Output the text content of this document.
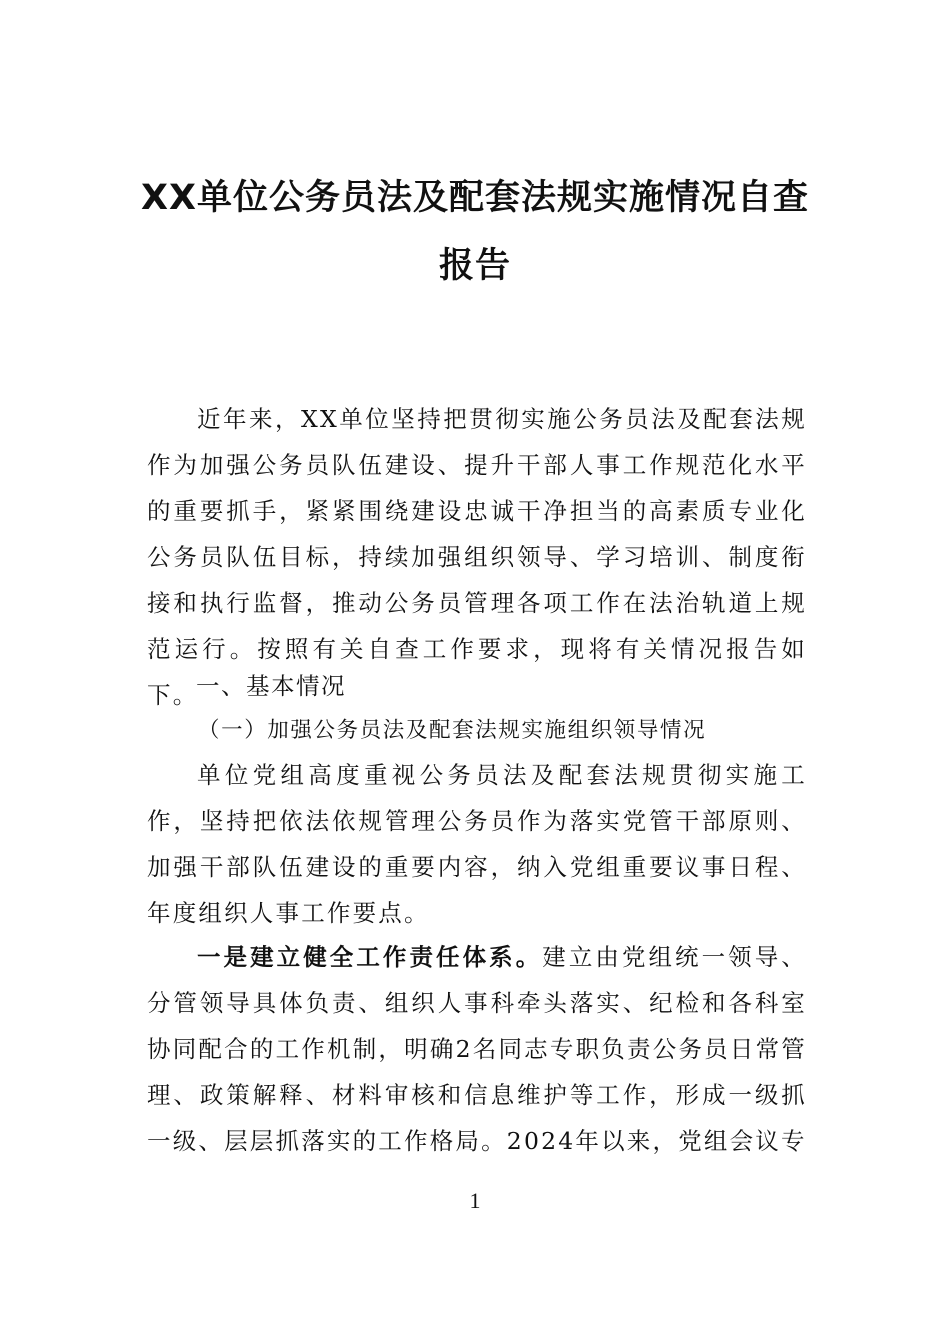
XX单位公务员法及配套法规实施情况自查
报告

近年来，XX单位坚持把贯彻实施公务员法及配套法规作为加强公务员队伍建设、提升干部人事工作规范化水平的重要抓手，紧紧围绕建设忠诚干净担当的高素质专业化公务员队伍目标，持续加强组织领导、学习培训、制度衔接和执行监督，推动公务员管理各项工作在法治轨道上规范运行。按照有关自查工作要求，现将有关情况报告如下。

一、基本情况

（一）加强公务员法及配套法规实施组织领导情况

单位党组高度重视公务员法及配套法规贯彻实施工作，坚持把依法依规管理公务员作为落实党管干部原则、加强干部队伍建设的重要内容，纳入党组重要议事日程、年度组织人事工作要点。

一是建立健全工作责任体系。建立由党组统一领导、分管领导具体负责、组织人事科牵头落实、纪检和各科室协同配合的工作机制，明确2名同志专职负责公务员日常管理、政策解释、材料审核和信息维护等工作，形成一级抓一级、层层抓落实的工作格局。2024年以来，党组会议专

1
